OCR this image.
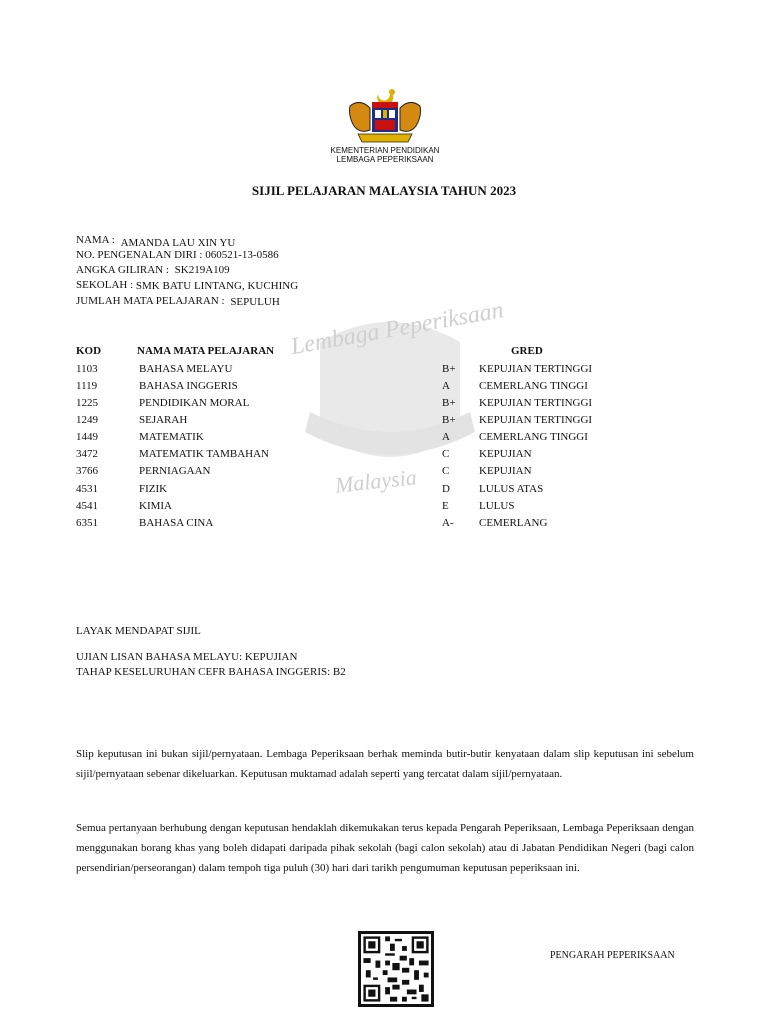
KEMENTERIAN PENDIDIKAN
LEMBAGA PEPERIKSAAN
SIJIL PELAJARAN MALAYSIA TAHUN 2023
Lembaga Peperiksaan
Malaysia
NAMA : AMANDA LAU XIN YU
NO. PENGENALAN DIRI : 060521-13-0586
ANGKA GILIRAN : SK219A109
SEKOLAH : SMK BATU LINTANG, KUCHING
JUMLAH MATA PELAJARAN : SEPULUH
KOD	NAMA MATA PELAJARAN	GRED
1103	BAHASA MELAYU	B+ KEPUJIAN TERTINGGI
1119	BAHASA INGGERIS	A	CEMERLANG TINGGI
1225	PENDIDIKAN MORAL	B+ KEPUJIAN TERTINGGI
1249	SEJARAH	B+ KEPUJIAN TERTINGGI
1449	MATEMATIK	A	CEMERLANG TINGGI
3472	MATEMATIK TAMBAHAN	C	KEPUJIAN
3766	PERNIAGAAN	C	KEPUJIAN
4531	FIZIK	D	LULUS ATAS
4541	KIMIA	E	LULUS
6351	BAHASA CINA	A- CEMERLANG
LAYAK MENDAPAT SIJIL
UJIAN LISAN BAHASA MELAYU: KEPUJIAN
TAHAP KESELURUHAN CEFR BAHASA INGGERIS: B2
Slip keputusan ini bukan sijil/pernyataan. Lembaga Peperiksaan berhak meminda butir-butir kenyataan dalam slip keputusan ini sebelum sijil/pernyataan sebenar dikeluarkan. Keputusan muktamad adalah seperti yang tercatat dalam sijil/pernyataan.
Semua pertanyaan berhubung dengan keputusan hendaklah dikemukakan terus kepada Pengarah Peperiksaan, Lembaga Peperiksaan dengan menggunakan borang khas yang boleh didapati daripada pihak sekolah (bagi calon sekolah) atau di Jabatan Pendidikan Negeri (bagi calon persendirian/perseorangan) dalam tempoh tiga puluh (30) hari dari tarikh pengumuman keputusan peperiksaan ini.
PENGARAH PEPERIKSAAN
